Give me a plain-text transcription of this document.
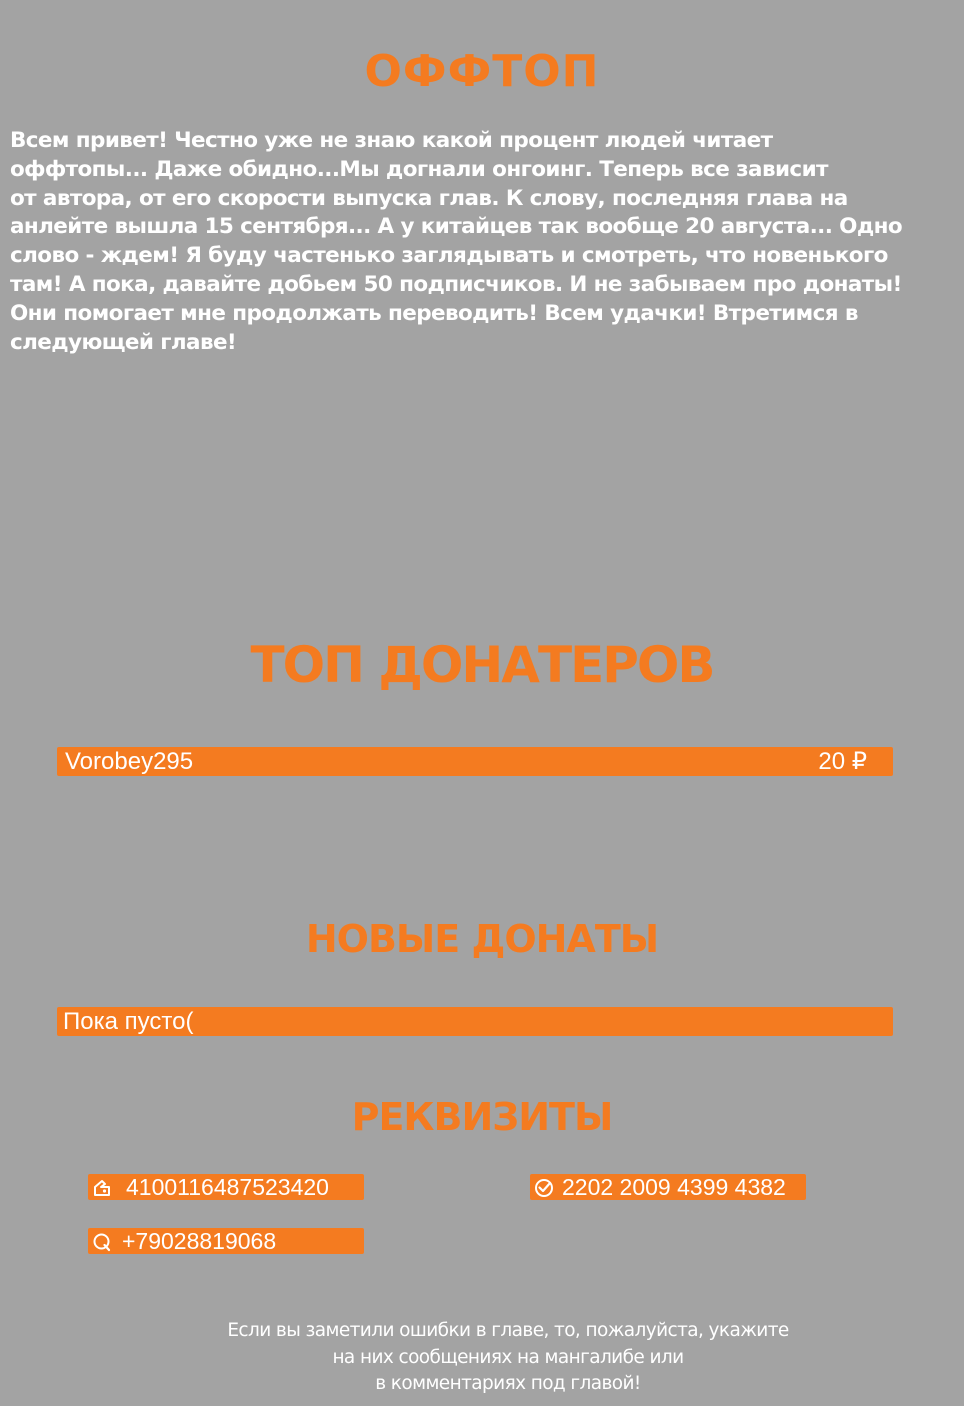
ОФФТОП

Всем привет! Честно уже не знаю какой процент людей читает
оффтопы... Даже обидно...Мы догнали онгоинг. Теперь все зависит
от автора, от его скорости выпуска глав. К слову, последняя глава на
анлейте вышла 15 сентября... А у китайцев так вообще 20 августа... Одно
слово - ждем! Я буду частенько заглядывать и смотреть, что новенького
там! А пока, давайте добьем 50 подписчиков. И не забываем про донаты!
Они помогает мне продолжать переводить! Всем удачки! Втретимся в
следующей главе!

ТОП ДОНАТЕРОВ
Vorobey295	20 ₽
НОВЫЕ ДОНАТЫ
Пока пусто(
РЕКВИЗИТЫ
4100116487523420	2202 2009 4399 4382
+79028819068

Если вы заметили ошибки в главе, то, пожалуйста, укажите
на них сообщениях на мангалибе или
в комментариях под главой!
